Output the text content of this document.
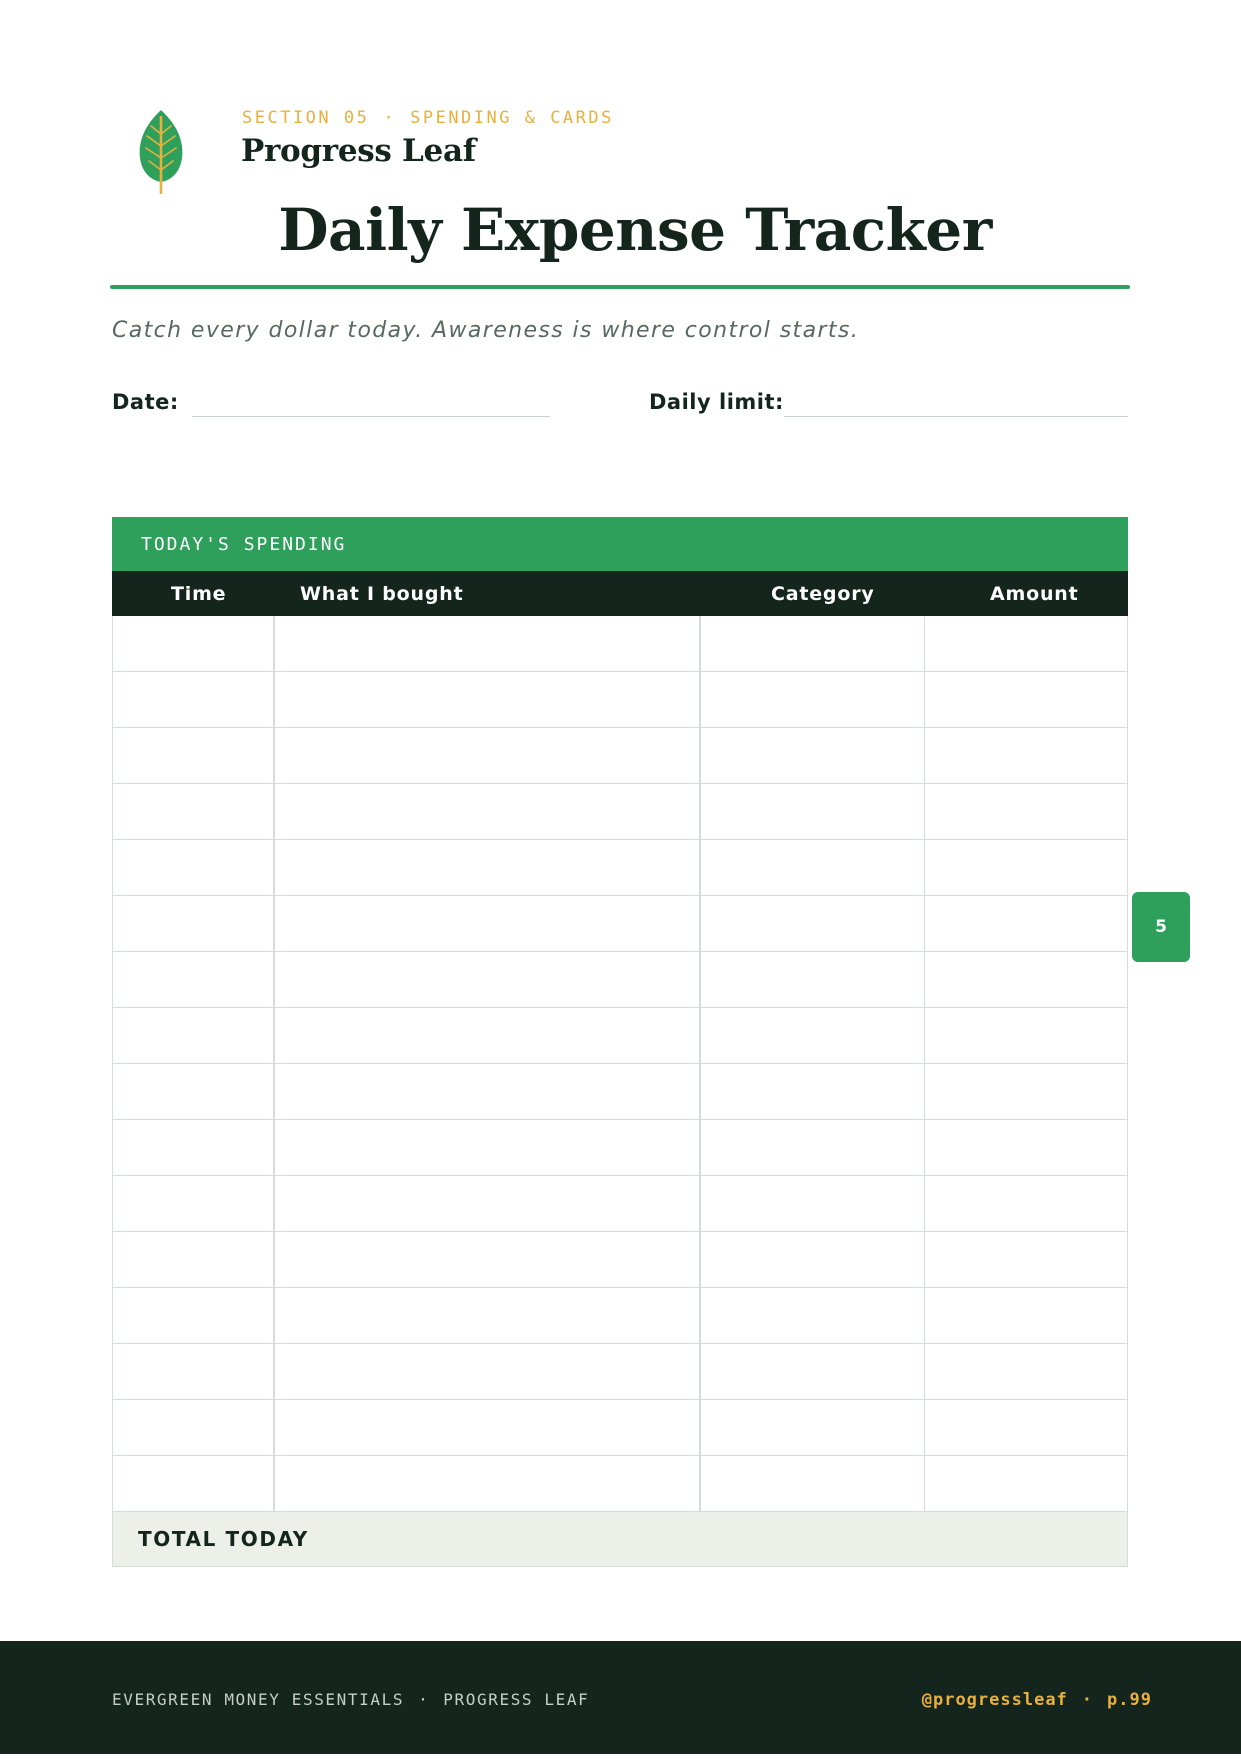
SECTION 05 · SPENDING & CARDS
Progress Leaf
Daily Expense Tracker
Catch every dollar today. Awareness is where control starts.
Date:	Daily limit:
TODAY'S SPENDING
Time	What I bought	Category	Amount
TOTAL TODAY
5
EVERGREEN MONEY ESSENTIALS · PROGRESS LEAF	@progressleaf · p.99
